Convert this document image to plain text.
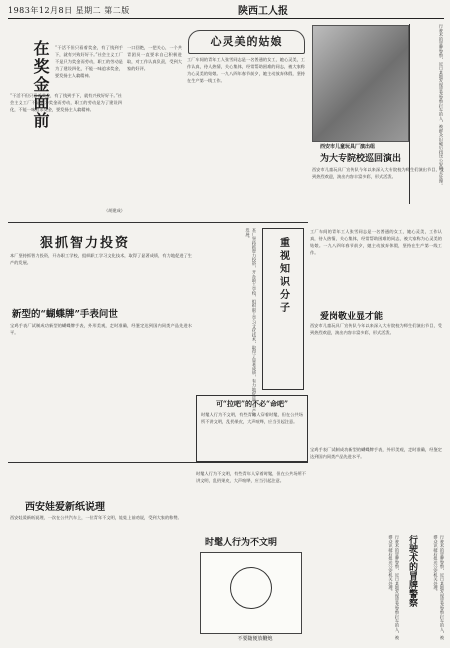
1983年12月8日 星期二 第二版	陕西工人报
在奖金面前 “干活不但只看着奖金，有了钱到手下，就有兴致好好干。”社会主义工厂不是只为奖金而劳动，职工的劳动是为了建设四化，不能一味追求奖金，要发扬主人翁精神。
“干活不但只看着奖金，有了钱到手下，就有兴致好好干。”社会主义工厂不是只为奖金而劳动，职工的劳动是为了建设四化，不能一味追求奖金，要发扬主人翁精神。
（胡建成）
一口回绝，一把关心，一个共青团员一直要求自己积极进取，对工作认真负责，受到大家的好评。
心灵美的姑娘
工厂车间的青年工人张雪同志是一名普通的女工，她心灵美，工作认真，待人热情，关心集体，经常帮助困难的同志，被大家称为心灵美的姑娘。一九八四年春节前夕，她主动放弃休假，坚持在生产第一线工作。	行驶术的冒牌警察，近日某地发现冒充警察拦车的人，被群众识破后扭送公安机关处理。
西安市儿童玩具厂演出组
为大专院校巡回演出
西安市儿童玩具厂宣传队今年以来深入大专院校为师生们演出节目，受到热烈欢迎，演出内容丰富多彩，形式活泼。
狠抓智力投资
本厂坚持抓智力投资，开办职工学校，组织职工学习文化技术，取得了显著成绩，有力地促进了生产的发展。
新型的“蝴蝶牌”手表问世
宝鸡手表厂试制成功新型的蝴蝶牌手表，外形美观，走时准确，经鉴定达到国内同类产品先进水平。	本厂坚持抓智力投资，开办职工学校，组织职工学习文化技术，取得了显著成绩，有力地促进了生产的发展。
重视知识分子
工厂车间的青年工人张雪同志是一名普通的女工，她心灵美，工作认真，待人热情，关心集体，经常帮助困难的同志，被大家称为心灵美的姑娘。一九八四年春节前夕，她主动放弃休假，坚持在生产第一线工作。
爱岗敬业显才能
西安市儿童玩具厂宣传队今年以来深入大专院校为师生们演出节目，受到热烈欢迎，演出内容丰富多彩，形式活泼。
可“拉吧”的不必“命吧”
时髦人行为不文明，有些青年人穿着时髦，但在公共场所不讲文明，乱扔果皮，大声喧哗，应当引起注意。
西安娃爱新纸说理
西安娃爱新纸说理，一次在公共汽车上，一位青年不文明，娃娃上前劝说，受到大家的称赞。
时髦人行为不文明，有些青年人穿着时髦，但在公共场所不讲文明，乱扔果皮，大声喧哗，应当引起注意。
时髦人行为不文明
不要随便放鞭炮
宝鸡手表厂试制成功新型的蝴蝶牌手表，外形美观，走时准确，经鉴定达到国内同类产品先进水平。
行驶术的冒牌警察，近日某地发现冒充警察拦车的人，被群众识破后扭送公安机关处理。	行驶术的冒牌警察	行驶术的冒牌警察，近日某地发现冒充警察拦车的人，被群众识破后扭送公安机关处理。
